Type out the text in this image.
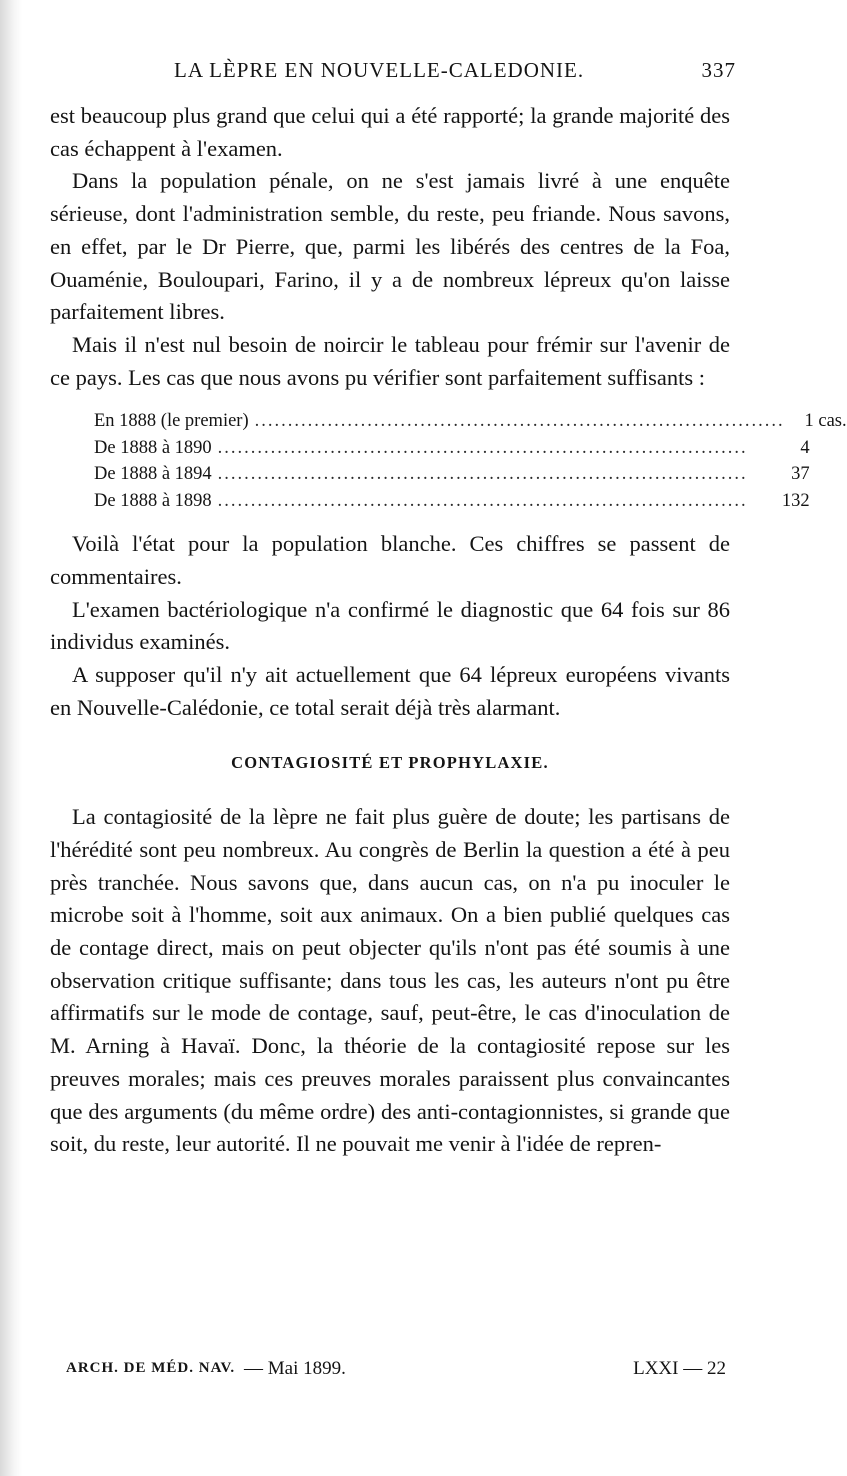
LA LÈPRE EN NOUVELLE-CALEDONIE.	337

est beaucoup plus grand que celui qui a été rapporté; la grande majorité des cas échappent à l'examen.

Dans la population pénale, on ne s'est jamais livré à une enquête sérieuse, dont l'administration semble, du reste, peu friande. Nous savons, en effet, par le Dr Pierre, que, parmi les libérés des centres de la Foa, Ouaménie, Bouloupari, Farino, il y a de nombreux lépreux qu'on laisse parfaitement libres.

Mais il n'est nul besoin de noircir le tableau pour frémir sur l'avenir de ce pays. Les cas que nous avons pu vérifier sont parfaitement suffisants :

En 1888 (le premier) ................................................................................	1 cas.
De 1888 à 1890 ................................................................................	4
De 1888 à 1894 ................................................................................	37
De 1888 à 1898 ................................................................................	132

Voilà l'état pour la population blanche. Ces chiffres se passent de commentaires.

L'examen bactériologique n'a confirmé le diagnostic que 64 fois sur 86 individus examinés.

A supposer qu'il n'y ait actuellement que 64 lépreux européens vivants en Nouvelle-Calédonie, ce total serait déjà très alarmant.

CONTAGIOSITÉ ET PROPHYLAXIE.

La contagiosité de la lèpre ne fait plus guère de doute; les partisans de l'hérédité sont peu nombreux. Au congrès de Berlin la question a été à peu près tranchée. Nous savons que, dans aucun cas, on n'a pu inoculer le microbe soit à l'homme, soit aux animaux. On a bien publié quelques cas de contage direct, mais on peut objecter qu'ils n'ont pas été soumis à une observation critique suffisante; dans tous les cas, les auteurs n'ont pu être affirmatifs sur le mode de contage, sauf, peut-être, le cas d'inoculation de M. Arning à Havaï. Donc, la théorie de la contagiosité repose sur les preuves morales; mais ces preuves morales paraissent plus convaincantes que des arguments (du même ordre) des anti-contagionnistes, si grande que soit, du reste, leur autorité. Il ne pouvait me venir à l'idée de repren-

ARCH. DE MÉD. NAV. — Mai 1899.	LXXI — 22
